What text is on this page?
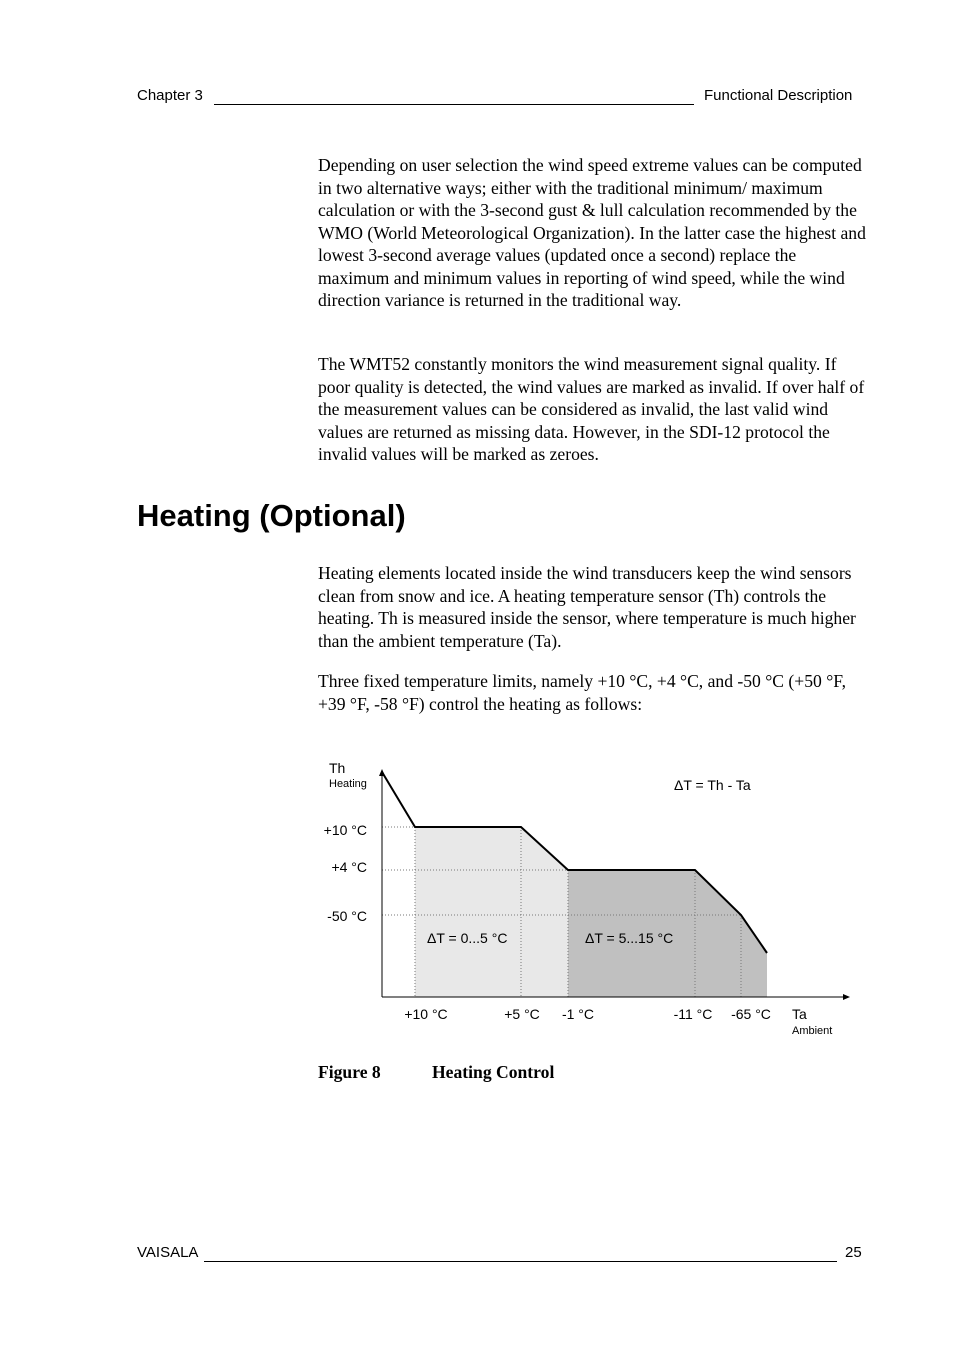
Chapter 3	Functional Description

Depending on user selection the wind speed extreme values can be computed in two alternative ways; either with the traditional minimum/ maximum calculation or with the 3-second gust & lull calculation recommended by the WMO (World Meteorological Organization). In the latter case the highest and lowest 3-second average values (updated once a second) replace the maximum and minimum values in reporting of wind speed, while the wind direction variance is returned in the traditional way.

The WMT52 constantly monitors the wind measurement signal quality. If poor quality is detected, the wind values are marked as invalid. If over half of the measurement values can be considered as invalid, the last valid wind values are returned as missing data. However, in the SDI-12 protocol the invalid values will be marked as zeroes.

Heating (Optional)

Heating elements located inside the wind transducers keep the wind sensors clean from snow and ice. A heating temperature sensor (Th) controls the heating. Th is measured inside the sensor, where temperature is much higher than the ambient temperature (Ta).

Three fixed temperature limits, namely +10 °C, +4 °C, and -50 °C (+50 °F, +39 °F, -58 °F) control the heating as follows:

Th
Heating
+10 °C
+4 °C
-50 °C
ΔT = Th - Ta
ΔT = 0...5 °C	ΔT = 5...15 °C
+10 °C	+5 °C -1 °C	-11 °C -65 °C Ta
Ambient
Figure 8	Heating Control
VAISALA	25
